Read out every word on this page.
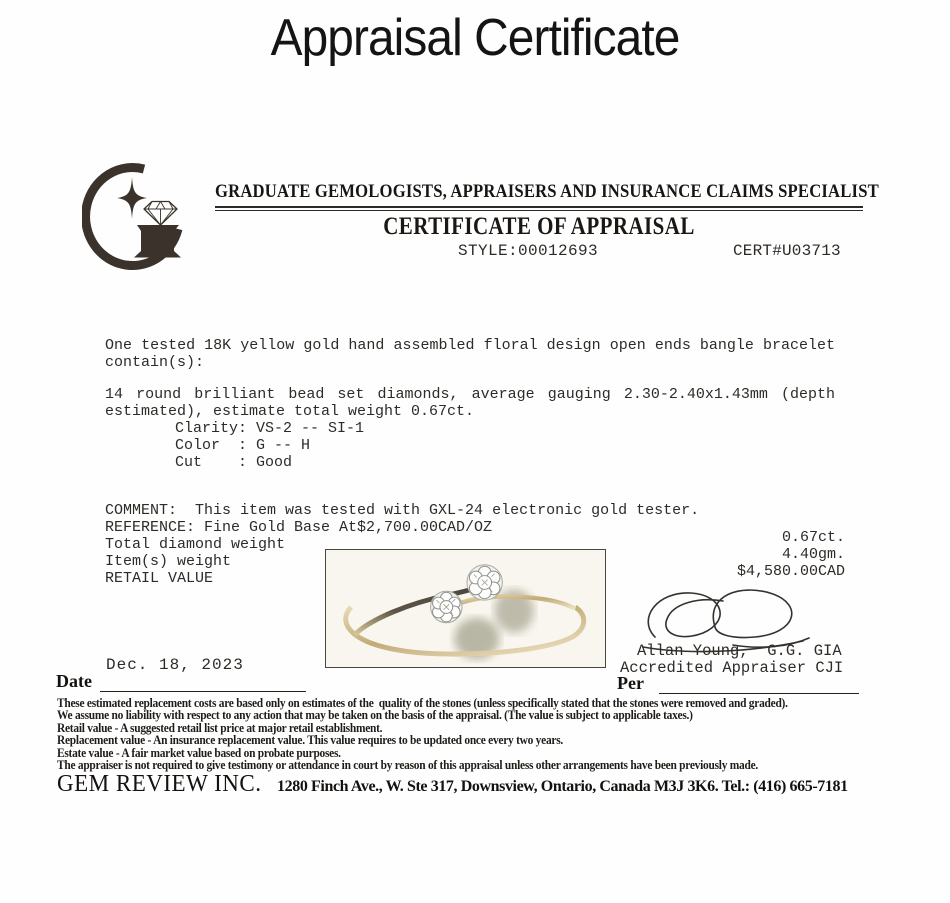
Appraisal Certificate
GRADUATE GEMOLOGISTS, APPRAISERS AND INSURANCE CLAIMS SPECIALIST
CERTIFICATE OF APPRAISAL
STYLE:00012693	CERT#U03713
One tested 18K yellow gold hand assembled floral design open ends bangle bracelet contain(s):
14 round brilliant bead set diamonds, average gauging 2.30-2.40x1.43mm (depth estimated), estimate total weight 0.67ct.
Clarity: VS-2 -- SI-1
Color  : G -- H
Cut    : Good
COMMENT:  This item was tested with GXL-24 electronic gold tester.
REFERENCE: Fine Gold Base At$2,700.00CAD/OZ
Total diamond weight
Item(s) weight
RETAIL VALUE
0.67ct.
4.40gm.
$4,580.00CAD
Allan Young,  G.G. GIA
Accredited Appraiser CJI
Date
Dec. 18, 2023
Per
These estimated replacement costs are based only on estimates of the  quality of the stones (unless specifically stated that the stones were removed and graded).
We assume no liability with respect to any action that may be taken on the basis of the appraisal. (The value is subject to applicable taxes.)
Retail value - A suggested retail list price at major retail establishment.
Replacement value - An insurance replacement value. This value requires to be updated once every two years.
Estate value - A fair market value based on probate purposes.
The appraiser is not required to give testimony or attendance in court by reason of this appraisal unless other arrangements have been previously made.
GEM REVIEW INC. 1280 Finch Ave., W. Ste 317, Downsview, Ontario, Canada M3J 3K6. Tel.: (416) 665-7181
